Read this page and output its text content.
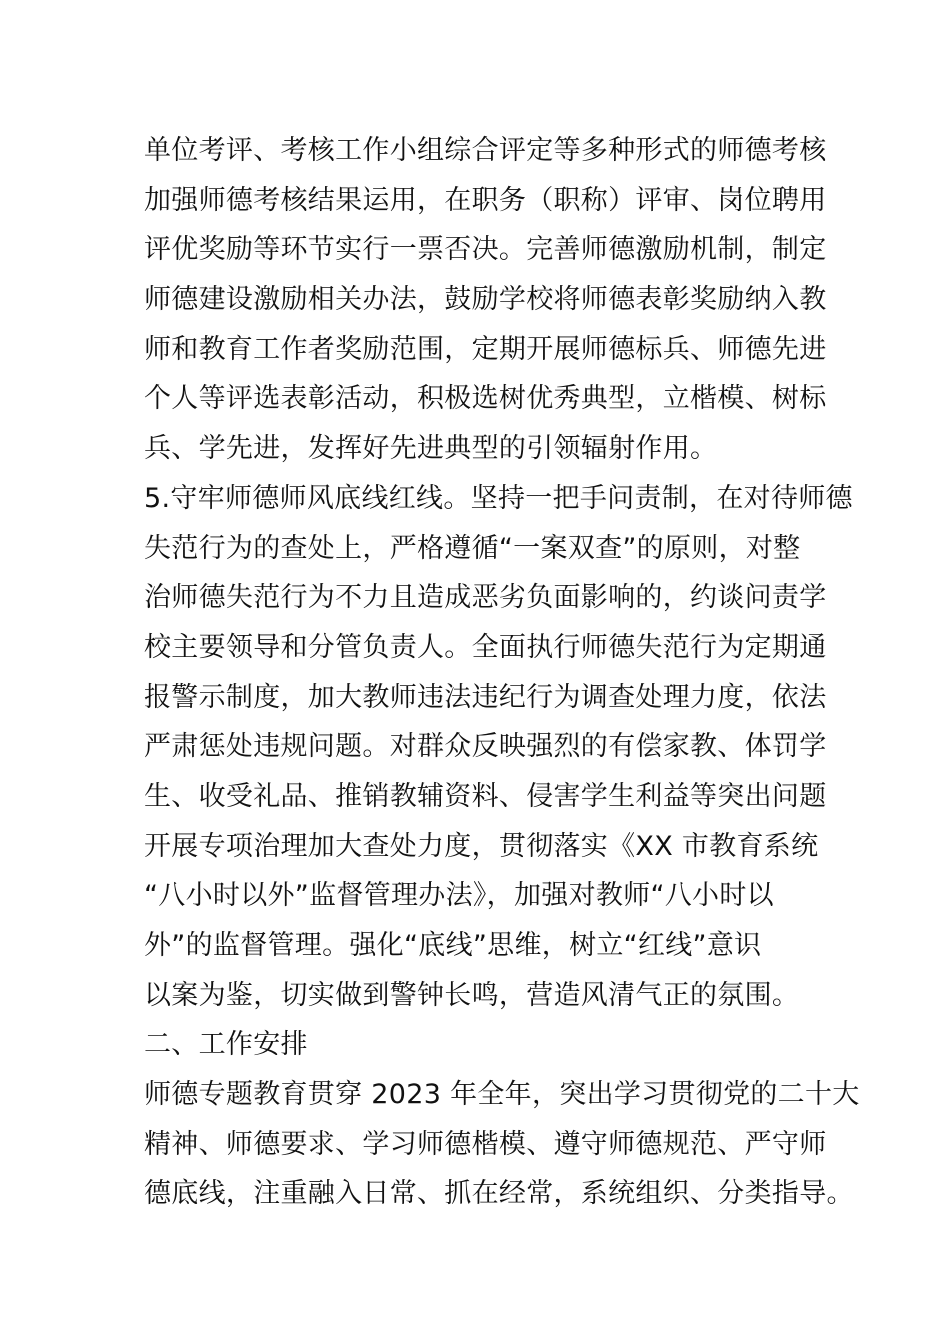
单位考评、考核工作小组综合评定等多种形式的师德考核
加强师德考核结果运用，在职务（职称）评审、岗位聘用
评优奖励等环节实行一票否决。完善师德激励机制，制定
师德建设激励相关办法，鼓励学校将师德表彰奖励纳入教
师和教育工作者奖励范围，定期开展师德标兵、师德先进
个人等评选表彰活动，积极选树优秀典型，立楷模、树标
兵、学先进，发挥好先进典型的引领辐射作用。
5.守牢师德师风底线红线。坚持一把手问责制，在对待师德
失范行为的查处上，严格遵循“一案双查”的原则，对整
治师德失范行为不力且造成恶劣负面影响的，约谈问责学
校主要领导和分管负责人。全面执行师德失范行为定期通
报警示制度，加大教师违法违纪行为调查处理力度，依法
严肃惩处违规问题。对群众反映强烈的有偿家教、体罚学
生、收受礼品、推销教辅资料、侵害学生利益等突出问题
开展专项治理加大查处力度，贯彻落实《XX 市教育系统
“八小时以外”监督管理办法》，加强对教师“八小时以
外”的监督管理。强化“底线”思维，树立“红线”意识
以案为鉴，切实做到警钟长鸣，营造风清气正的氛围。
二、工作安排
师德专题教育贯穿 2023 年全年，突出学习贯彻党的二十大
精神、师德要求、学习师德楷模、遵守师德规范、严守师
德底线，注重融入日常、抓在经常，系统组织、分类指导。
